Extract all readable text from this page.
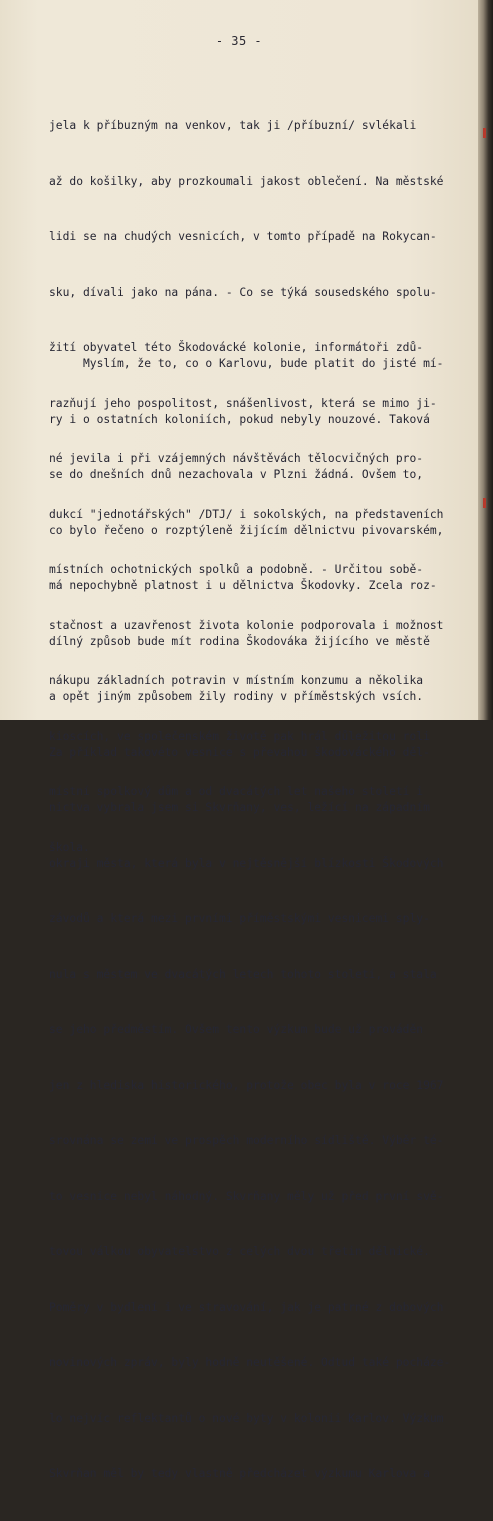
- 35 -

jela k příbuzným na venkov, tak ji /příbuzní/ svlékali

až do košilky, aby prozkoumali jakost oblečení. Na městské

lidi se na chudých vesnicích, v tomto případě na Rokycan-

sku, dívali jako na pána. - Co se týká sousedského spolu-

žití obyvatel této Škodovácké kolonie, informátoři zdů-

razňují jeho pospolitost, snášenlivost, která se mimo ji-

né jevila i při vzájemných návštěvách tělocvičných pro-

dukcí "jednotářských" /DTJ/ i sokolských, na představeních

místních ochotnických spolků a podobně. - Určitou sobě-

stačnost a uzavřenost života kolonie podporovala i možnost

nákupu základních potravin v místním konzumu a několika

kioscích, ve společenském životě pak hrál důležitou roli

místní spolkový dům a od dvacátých let našeho století i

škola.

Myslím, že to, co o Karlovu, bude platit do jisté mí-

ry i o ostatních koloniích, pokud nebyly nouzové. Taková

se do dnešních dnů nezachovala v Plzni žádná. Ovšem to,

co bylo řečeno o rozptýleně žijícím dělnictvu pivovarském,

má nepochybně platnost i u dělnictva Škodovky. Zcela roz-

dílný způsob bude mít rodina Škodováka žijícího ve městě

a opět jiným způsobem žily rodiny v příměstských vsích.

Za příklad takovéto vesnice s převahou škodováckého děl-

nictva vybrala jsem si Skvrňany, ves, ležící na západním

okraji města, která byla v nejtěsnější blízkosti Škodových

závodů a která mezi prvními příměstskými vesnicemi sply-

nula s městem ve dvacátých letech tohoto století, a stala

se jeho předměstím. Ovšem tento výzkum bude už prováděn

jen z hlediska historického, protože obec byla v roce 1967

srovnána se zemí ve prospěch moderního sídliště. Výběr té-

to vesnice nebyl náhodný. Skvrňany měly už před první svě-

tovou válkou obyvatelstvo z celých dvou třetin dělnické.

Poměry v bydlení i ve stravování, jak je patrné z dobových

novinových zpráv, byly hodně neutěšené. Odtud také pocháze-

lo nejvíc reflektantů o nové byty v kolonii Karlov. Výzkum

Skvrňan měl by tedy vlastně předcházet výzkumu Karlova a
